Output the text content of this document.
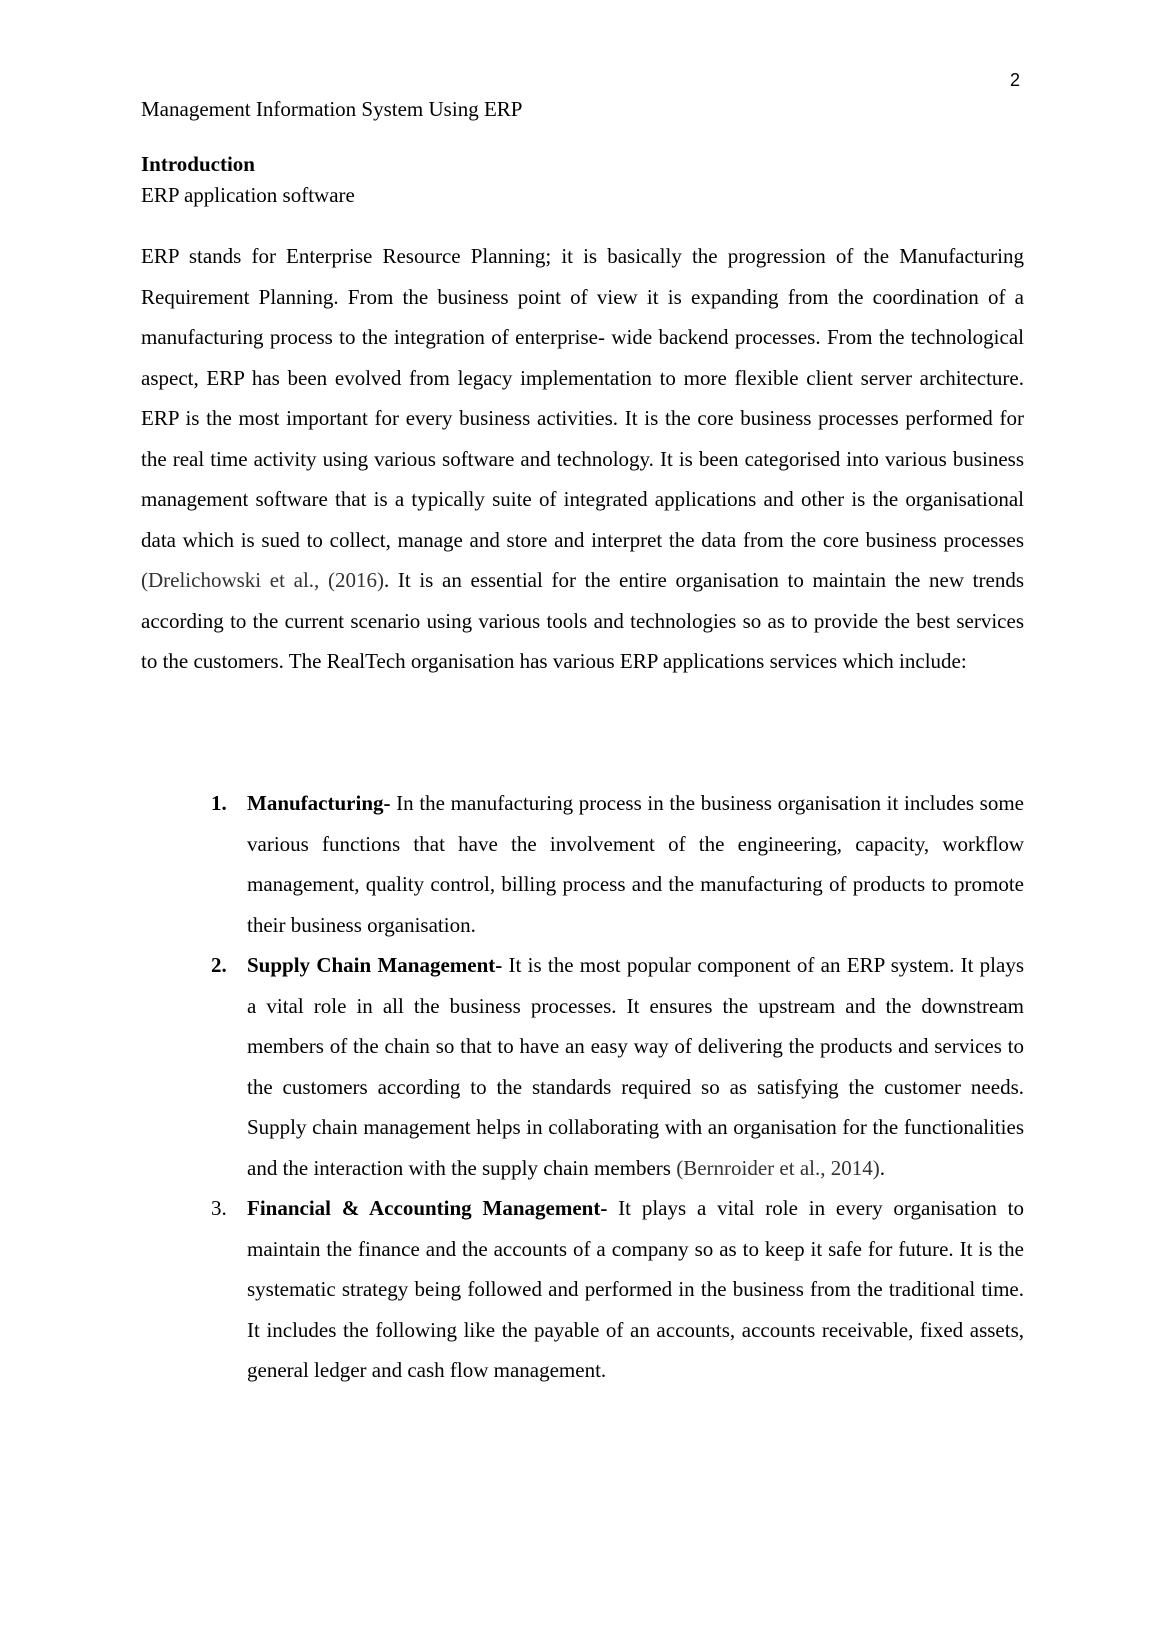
2
Management Information System Using ERP
Introduction
ERP application software

ERP stands for Enterprise Resource Planning; it is basically the progression of the Manufacturing Requirement Planning. From the business point of view it is expanding from the coordination of a manufacturing process to the integration of enterprise- wide backend processes. From the technological aspect, ERP has been evolved from legacy implementation to more flexible client server architecture. ERP is the most important for every business activities. It is the core business processes performed for the real time activity using various software and technology. It is been categorised into various business management software that is a typically suite of integrated applications and other is the organisational data which is sued to collect, manage and store and interpret the data from the core business processes (Drelichowski et al., (2016). It is an essential for the entire organisation to maintain the new trends according to the current scenario using various tools and technologies so as to provide the best services to the customers. The RealTech organisation has various ERP applications services which include:

1. Manufacturing- In the manufacturing process in the business organisation it includes some various functions that have the involvement of the engineering, capacity, workflow management, quality control, billing process and the manufacturing of products to promote their business organisation.
2. Supply Chain Management- It is the most popular component of an ERP system. It plays a vital role in all the business processes. It ensures the upstream and the downstream members of the chain so that to have an easy way of delivering the products and services to the customers according to the standards required so as satisfying the customer needs. Supply chain management helps in collaborating with an organisation for the functionalities and the interaction with the supply chain members (Bernroider et al., 2014).
3. Financial & Accounting Management- It plays a vital role in every organisation to maintain the finance and the accounts of a company so as to keep it safe for future. It is the systematic strategy being followed and performed in the business from the traditional time. It includes the following like the payable of an accounts, accounts receivable, fixed assets, general ledger and cash flow management.
